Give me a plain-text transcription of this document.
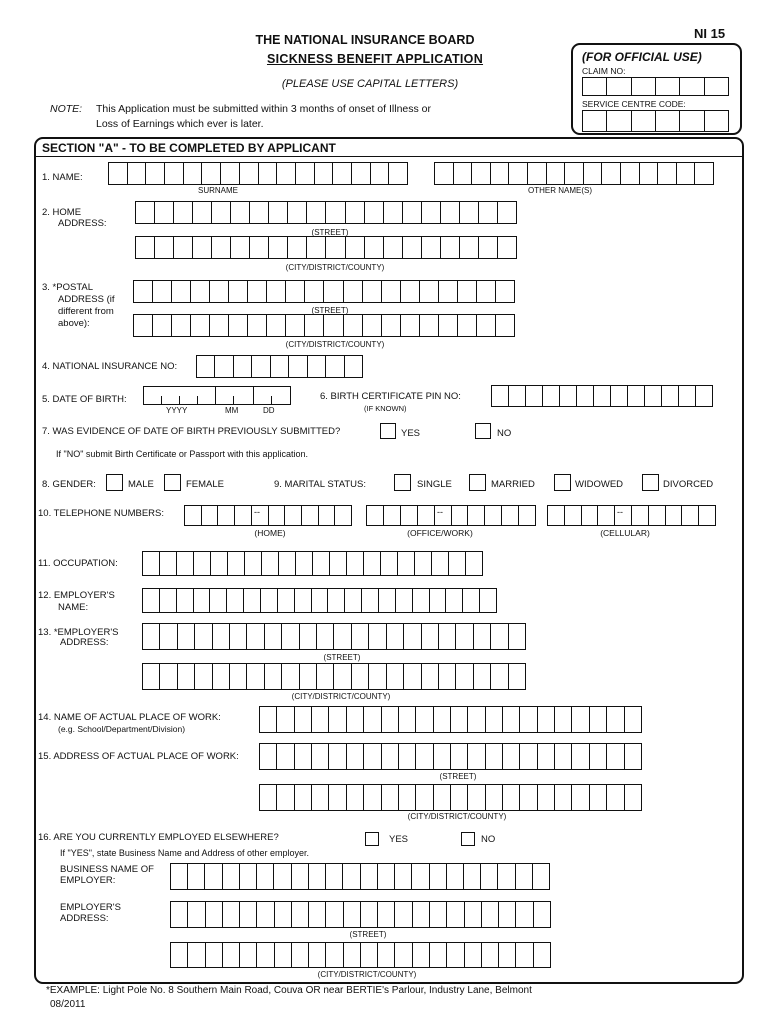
NI 15
THE NATIONAL INSURANCE BOARD
SICKNESS BENEFIT APPLICATION
(PLEASE USE CAPITAL LETTERS)
NOTE: This Application must be submitted within 3 months of onset of Illness or
Loss of Earnings which ever is later.
(FOR OFFICIAL USE)
CLAIM NO:
SERVICE CENTRE CODE:
SECTION "A" - TO BE COMPLETED BY APPLICANT
1. NAME:
SURNAME	OTHER NAME(S)
2. HOME
ADDRESS:
(STREET)
(CITY/DISTRICT/COUNTY)
3. *POSTAL
ADDRESS (if
different from
above):
(STREET)
(CITY/DISTRICT/COUNTY)
4. NATIONAL INSURANCE NO:
5. DATE OF BIRTH:
YYYY	MM	DD
6. BIRTH CERTIFICATE PIN NO:
(IF KNOWN)
7. WAS EVIDENCE OF DATE OF BIRTH PREVIOUSLY SUBMITTED?	YES	NO
If "NO" submit Birth Certificate or Passport with this application.
8. GENDER:	MALE	FEMALE	9. MARITAL STATUS:	SINGLE	MARRIED	WIDOWED	DIVORCED
10. TELEPHONE NUMBERS:	--
(HOME)
--
(OFFICE/WORK)
--
(CELLULAR)
11. OCCUPATION:
12. EMPLOYER'S
NAME:
13. *EMPLOYER'S
ADDRESS:
(STREET)
(CITY/DISTRICT/COUNTY)
14. NAME OF ACTUAL PLACE OF WORK:
(e.g. School/Department/Division)
15. ADDRESS OF ACTUAL PLACE OF WORK:
(STREET)
(CITY/DISTRICT/COUNTY)
16. ARE YOU CURRENTLY EMPLOYED ELSEWHERE?	YES	NO
If "YES", state Business Name and Address of other employer.
BUSINESS NAME OF
EMPLOYER:
EMPLOYER'S
ADDRESS:
(STREET)
(CITY/DISTRICT/COUNTY)
*EXAMPLE: Light Pole No. 8 Southern Main Road, Couva OR near BERTIE's Parlour, Industry Lane, Belmont
08/2011
